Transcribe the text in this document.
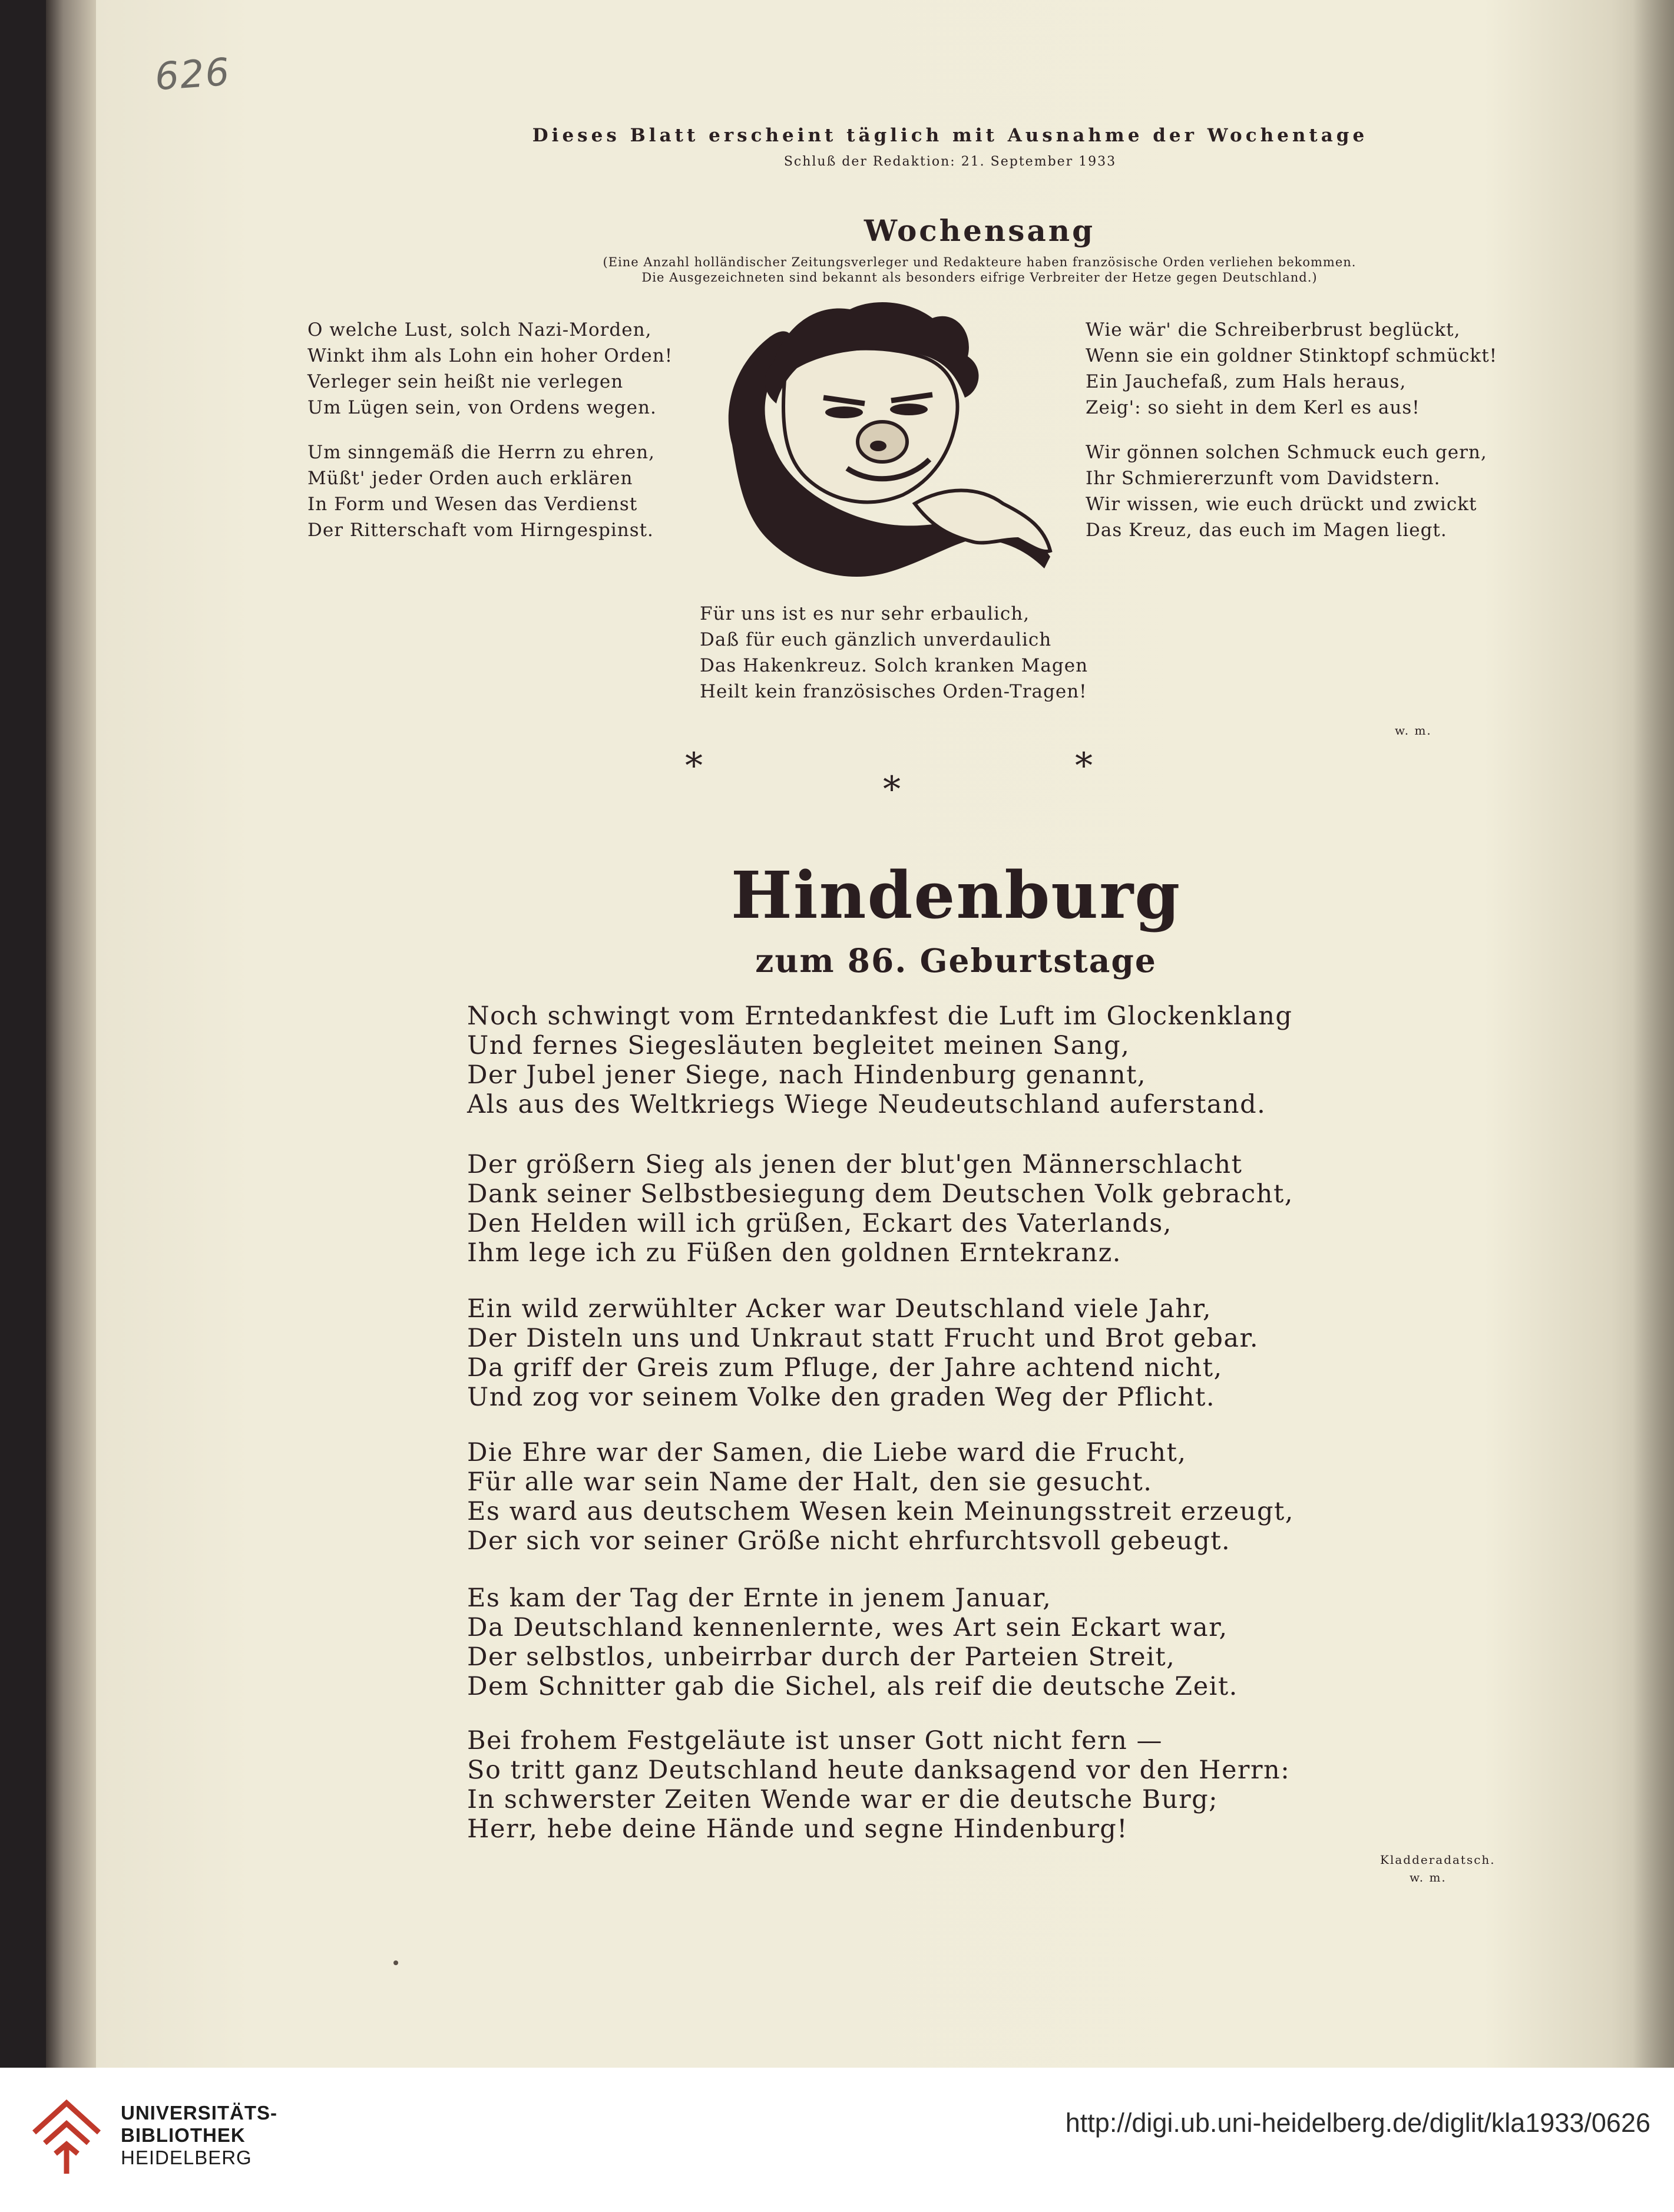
626
Dieses Blatt erscheint täglich mit Ausnahme der Wochentage
Schluß der Redaktion: 21. September 1933
Wochensang
(Eine Anzahl holländischer Zeitungsverleger und Redakteure haben französische Orden verliehen bekommen.
Die Ausgezeichneten sind bekannt als besonders eifrige Verbreiter der Hetze gegen Deutschland.)
O welche Lust, solch Nazi-Morden,
Winkt ihm als Lohn ein hoher Orden!
Verleger sein heißt nie verlegen
Um Lügen sein, von Ordens wegen.
Um sinngemäß die Herrn zu ehren,
Müßt' jeder Orden auch erklären
In Form und Wesen das Verdienst
Der Ritterschaft vom Hirngespinst.
Wie wär' die Schreiberbrust beglückt,
Wenn sie ein goldner Stinktopf schmückt!
Ein Jauchefaß, zum Hals heraus,
Zeig': so sieht in dem Kerl es aus!
Wir gönnen solchen Schmuck euch gern,
Ihr Schmiererzunft vom Davidstern.
Wir wissen, wie euch drückt und zwickt
Das Kreuz, das euch im Magen liegt.
Für uns ist es nur sehr erbaulich,
Daß für euch gänzlich unverdaulich
Das Hakenkreuz. Solch kranken Magen
Heilt kein französisches Orden-Tragen!
w. m.
*
*
*
Hindenburg
zum 86. Geburtstage
Noch schwingt vom Erntedankfest die Luft im Glockenklang
Und fernes Siegesläuten begleitet meinen Sang,
Der Jubel jener Siege, nach Hindenburg genannt,
Als aus des Weltkriegs Wiege Neudeutschland auferstand.
Der größern Sieg als jenen der blut'gen Männerschlacht
Dank seiner Selbstbesiegung dem Deutschen Volk gebracht,
Den Helden will ich grüßen, Eckart des Vaterlands,
Ihm lege ich zu Füßen den goldnen Erntekranz.
Ein wild zerwühlter Acker war Deutschland viele Jahr,
Der Disteln uns und Unkraut statt Frucht und Brot gebar.
Da griff der Greis zum Pfluge, der Jahre achtend nicht,
Und zog vor seinem Volke den graden Weg der Pflicht.
Die Ehre war der Samen, die Liebe ward die Frucht,
Für alle war sein Name der Halt, den sie gesucht.
Es ward aus deutschem Wesen kein Meinungsstreit erzeugt,
Der sich vor seiner Größe nicht ehrfurchtsvoll gebeugt.
Es kam der Tag der Ernte in jenem Januar,
Da Deutschland kennenlernte, wes Art sein Eckart war,
Der selbstlos, unbeirrbar durch der Parteien Streit,
Dem Schnitter gab die Sichel, als reif die deutsche Zeit.
Bei frohem Festgeläute ist unser Gott nicht fern —
So tritt ganz Deutschland heute danksagend vor den Herrn:
In schwerster Zeiten Wende war er die deutsche Burg;
Herr, hebe deine Hände und segne Hindenburg!
Kladderadatsch.
w. m.
UNIVERSITÄTS-
BIBLIOTHEK
HEIDELBERG
http://digi.ub.uni-heidelberg.de/diglit/kla1933/0626
